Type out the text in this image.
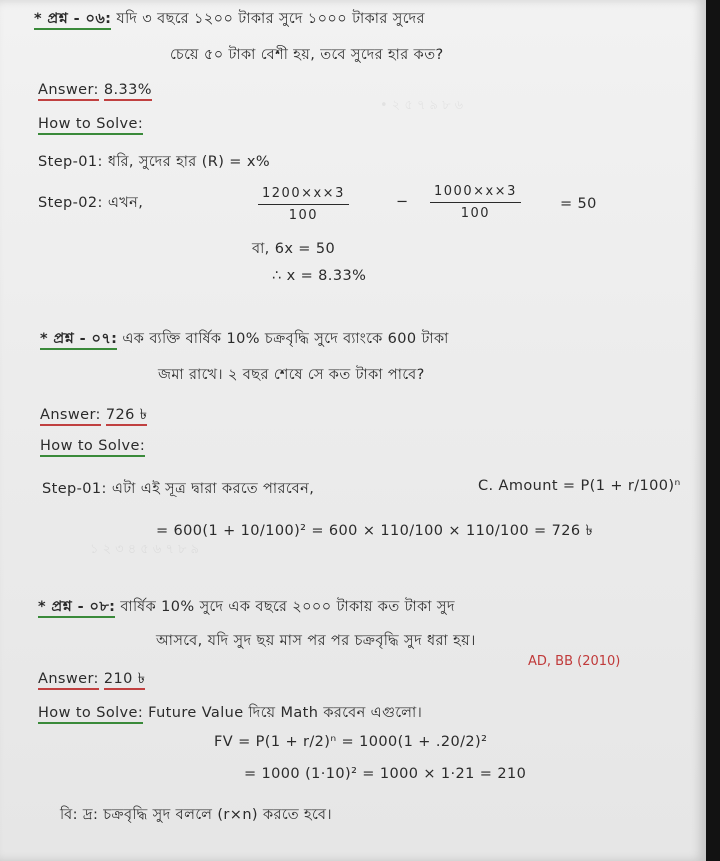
• ২ ৫ ৭ ৯ ৮ ৬
১ ২ ৩ ৪ ৫ ৬ ৭ ৮ ৯
* প্রশ্ন - ০৬: যদি ৩ বছরে ১২০০ টাকার সুদে ১০০০ টাকার সুদের
চেয়ে ৫০ টাকা বেশী হয়, তবে সুদের হার কত?
Answer: 8.33%
How to Solve:
Step-01: ধরি, সুদের হার (R) = x%
Step-02: এখন,	$\frac{1200\times x\times 3}{100}$	− $\frac{1000\times x\times 3}{100}$	= 50
বা, 6x = 50
∴ x = 8.33%
* প্রশ্ন - ০৭: এক ব্যক্তি বার্ষিক 10% চক্রবৃদ্ধি সুদে ব্যাংকে 600 টাকা
জমা রাখে। ২ বছর শেষে সে কত টাকা পাবে?
Answer: 726 ৳
How to Solve:
Step-01: এটা এই সূত্র দ্বারা করতে পারবেন,	C. Amount = P(1 + r/100)ⁿ
= 600(1 + 10/100)² = 600 × 110/100 × 110/100 = 726 ৳
* প্রশ্ন - ০৮: বার্ষিক 10% সুদে এক বছরে ২০০০ টাকায় কত টাকা সুদ
আসবে, যদি সুদ ছয় মাস পর পর চক্রবৃদ্ধি সুদ ধরা হয়।
AD, BB (2010)
Answer: 210 ৳
How to Solve: Future Value দিয়ে Math করবেন এগুলো।
FV = P(1 + r/2)ⁿ = 1000(1 + .20/2)²
= 1000 (1·10)² = 1000 × 1·21 = 210
বি: দ্র: চক্রবৃদ্ধি সুদ বললে (r×n) করতে হবে।
